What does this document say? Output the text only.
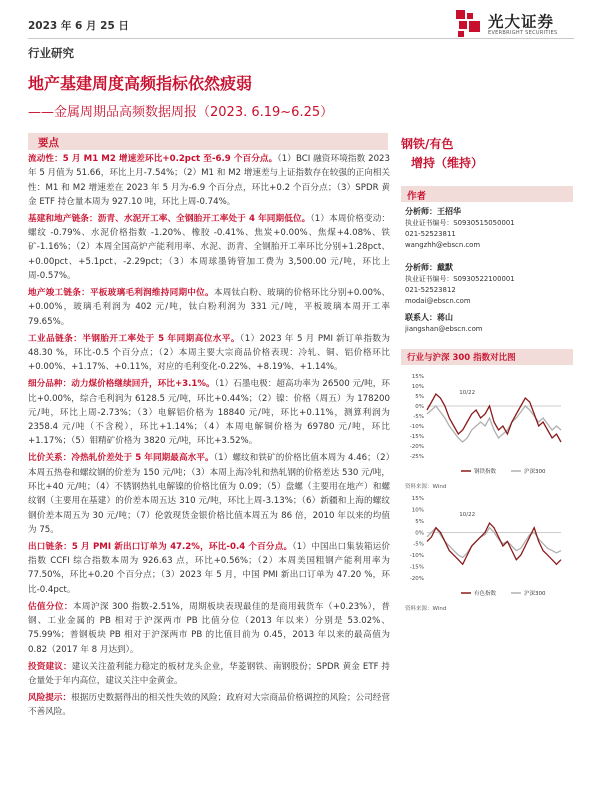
2023 年 6 月 25 日	光大证券
EVERBRIGHT SECURITIES
行业研究
地产基建周度高频指标依然疲弱
——金属周期品高频数据周报（2023. 6.19~6.25）
要点

流动性：5 月 M1 M2 增速差环比+0.2pct 至-6.9 个百分点。（1）BCI 融资环境指数 2023 年 5 月值为 51.66，环比上月-7.54%；（2）M1 和 M2 增速差与上证指数存在较强的正向相关性：M1 和 M2 增速差在 2023 年 5 月为-6.9 个百分点，环比+0.2 个百分点；（3）SPDR 黄金 ETF 持仓量本周为 927.10 吨，环比上周-0.74%。

基建和地产链条：沥青、水泥开工率、全钢胎开工率处于 4 年同期低位。（1）本周价格变动：螺纹 -0.79%、水泥价格指数 -1.20%、橡胶 -0.41%、焦炭+0.00%、焦煤+4.08%、铁矿-1.16%；（2）本周全国高炉产能利用率、水泥、沥青、全钢胎开工率环比分别+1.28pct、+0.00pct、+5.1pct、-2.29pct；（3）本周球墨铸管加工费为 3,500.00 元/吨，环比上周-0.57%。

地产竣工链条：平板玻璃毛利润维持同期中位。本周钛白粉、玻璃的价格环比分别+0.00%、+0.00%，玻璃毛利润为 402 元/吨，钛白粉利润为 331 元/吨，平板玻璃本周开工率 79.65%。

工业品链条：半钢胎开工率处于 5 年同期高位水平。（1）2023 年 5 月 PMI 新订单指数为 48.30 %，环比-0.5 个百分点；（2）本周主要大宗商品价格表现：冷轧、铜、铝价格环比+0.00%、+1.17%、+0.11%，对应的毛利变化-0.22%、+8.19%、+1.14%。

细分品种：动力煤价格继续回升，环比+3.1%。（1）石墨电极：超高功率为 26500 元/吨，环比+0.00%，综合毛利润为 6128.5 元/吨，环比+0.44%；（2）镍：价格（周五）为 178200 元/吨，环比上周-2.73%；（3）电解铝价格为 18840 元/吨，环比+0.11%，测算利润为 2358.4 元/吨（不含税），环比+1.14%；（4）本周电解铜价格为 69780 元/吨，环比+1.17%；（5）钼精矿价格为 3820 元/吨，环比+3.52%。

比价关系：冷热轧价差处于 5 年同期最高水平。（1）螺纹和铁矿的价格比值本周为 4.46；（2）本周五热卷和螺纹钢的价差为 150 元/吨；（3）本周上海冷轧和热轧钢的价格差达 530 元/吨，环比+40 元/吨；（4）不锈钢热轧电解镍的价格比值为 0.09；（5）盘螺（主要用在地产）和螺纹钢（主要用在基建）的价差本周五达 310 元/吨，环比上周-3.13%；（6）新疆和上海的螺纹钢价差本周五为 30 元/吨；（7）伦敦现货金银价格比值本周五为 86 倍，2010 年以来的均值为 75。

出口链条：5 月 PMI 新出口订单为 47.2%，环比-0.4 个百分点。（1）中国出口集装箱运价指数 CCFI 综合指数本周为 926.63 点，环比+0.56%；（2）本周美国粗钢产能利用率为 77.50%，环比+0.20 个百分点；（3）2023 年 5 月，中国 PMI 新出口订单为 47.20 %，环比-0.4pct。

估值分位：本周沪深 300 指数-2.51%，周期板块表现最佳的是商用载货车（+0.23%），普钢、工业金属的 PB 相对于沪深两市 PB 比值分位（2013 年以来）分别是 53.02%、75.99%；普钢板块 PB 相对于沪深两市 PB 的比值目前为 0.45，2013 年以来的最高值为 0.82（2017 年 8 月达到）。

投资建议：建议关注盈利能力稳定的板材龙头企业，华菱钢铁、南钢股份；SPDR 黄金 ETF 持仓量处于年内高位，建议关注中金黄金。

风险提示：根据历史数据得出的相关性失效的风险；政府对大宗商品价格调控的风险；公司经营不善风险。

钢铁/有色
增持（维持）
作者
分析师：王招华
执业证书编号：S0930515050001
021-52523811
wangzhh@ebscn.com
分析师：戴默
执业证书编号：S0930522100001
021-52523812
modai@ebscn.com
联系人：蒋山
jiangshan@ebscn.com
行业与沪深 300 指数对比图
15%
10%
5%
0%
-5%
-10%
-15%
-20%
-25%
10/22
钢铁指数	沪深300
资料来源：Wind
15%
10%
5%
0%
-5%
-10%
-15%
-20%
10/22
有色指数	沪深300
资料来源：Wind
